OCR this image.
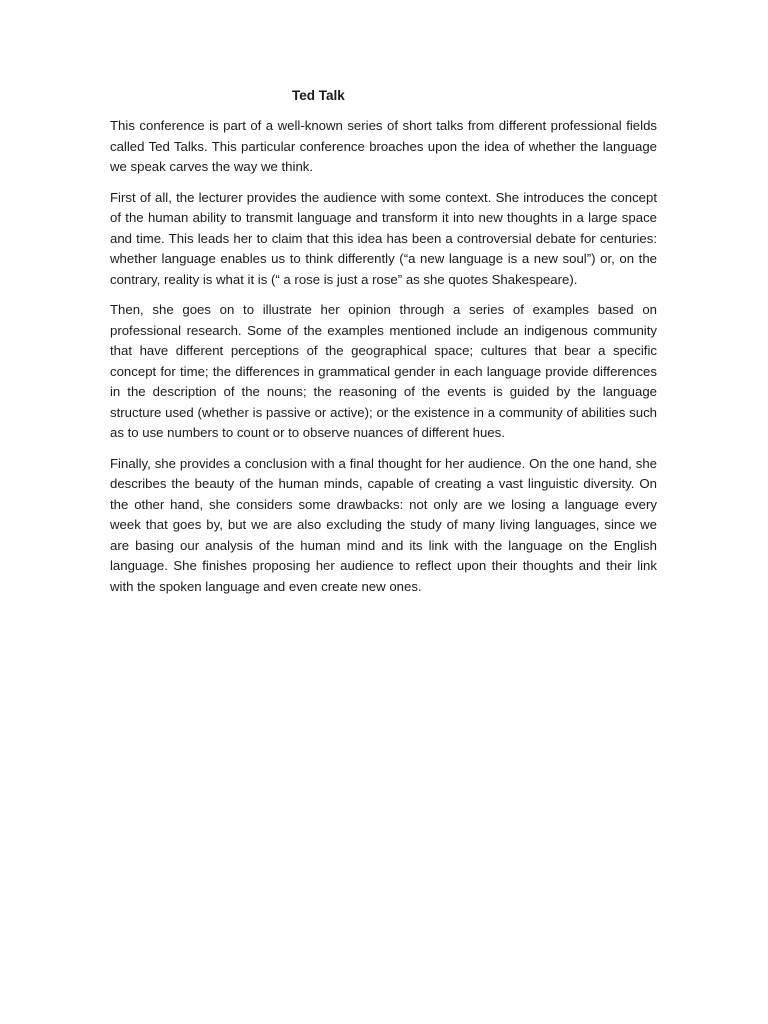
Ted Talk

This conference is part of a well-known series of short talks from different professional fields called Ted Talks. This particular conference broaches upon the idea of whether the language we speak carves the way we think.

First of all, the lecturer provides the audience with some context. She introduces the concept of the human ability to transmit language and transform it into new thoughts in a large space and time. This leads her to claim that this idea has been a controversial debate for centuries: whether language enables us to think differently (“a new language is a new soul”) or, on the contrary, reality is what it is (“ a rose is just a rose” as she quotes Shakespeare).

Then, she goes on to illustrate her opinion through a series of examples based on professional research. Some of the examples mentioned include an indigenous community that have different perceptions of the geographical space; cultures that bear a specific concept for time; the differences in grammatical gender in each language provide differences in the description of the nouns; the reasoning of the events is guided by the language structure used (whether is passive or active); or the existence in a community of abilities such as to use numbers to count or to observe nuances of different hues.

Finally, she provides a conclusion with a final thought for her audience. On the one hand, she describes the beauty of the human minds, capable of creating a vast linguistic diversity. On the other hand, she considers some drawbacks: not only are we losing a language every week that goes by, but we are also excluding the study of many living languages, since we are basing our analysis of the human mind and its link with the language on the English language. She finishes proposing her audience to reflect upon their thoughts and their link with the spoken language and even create new ones.
